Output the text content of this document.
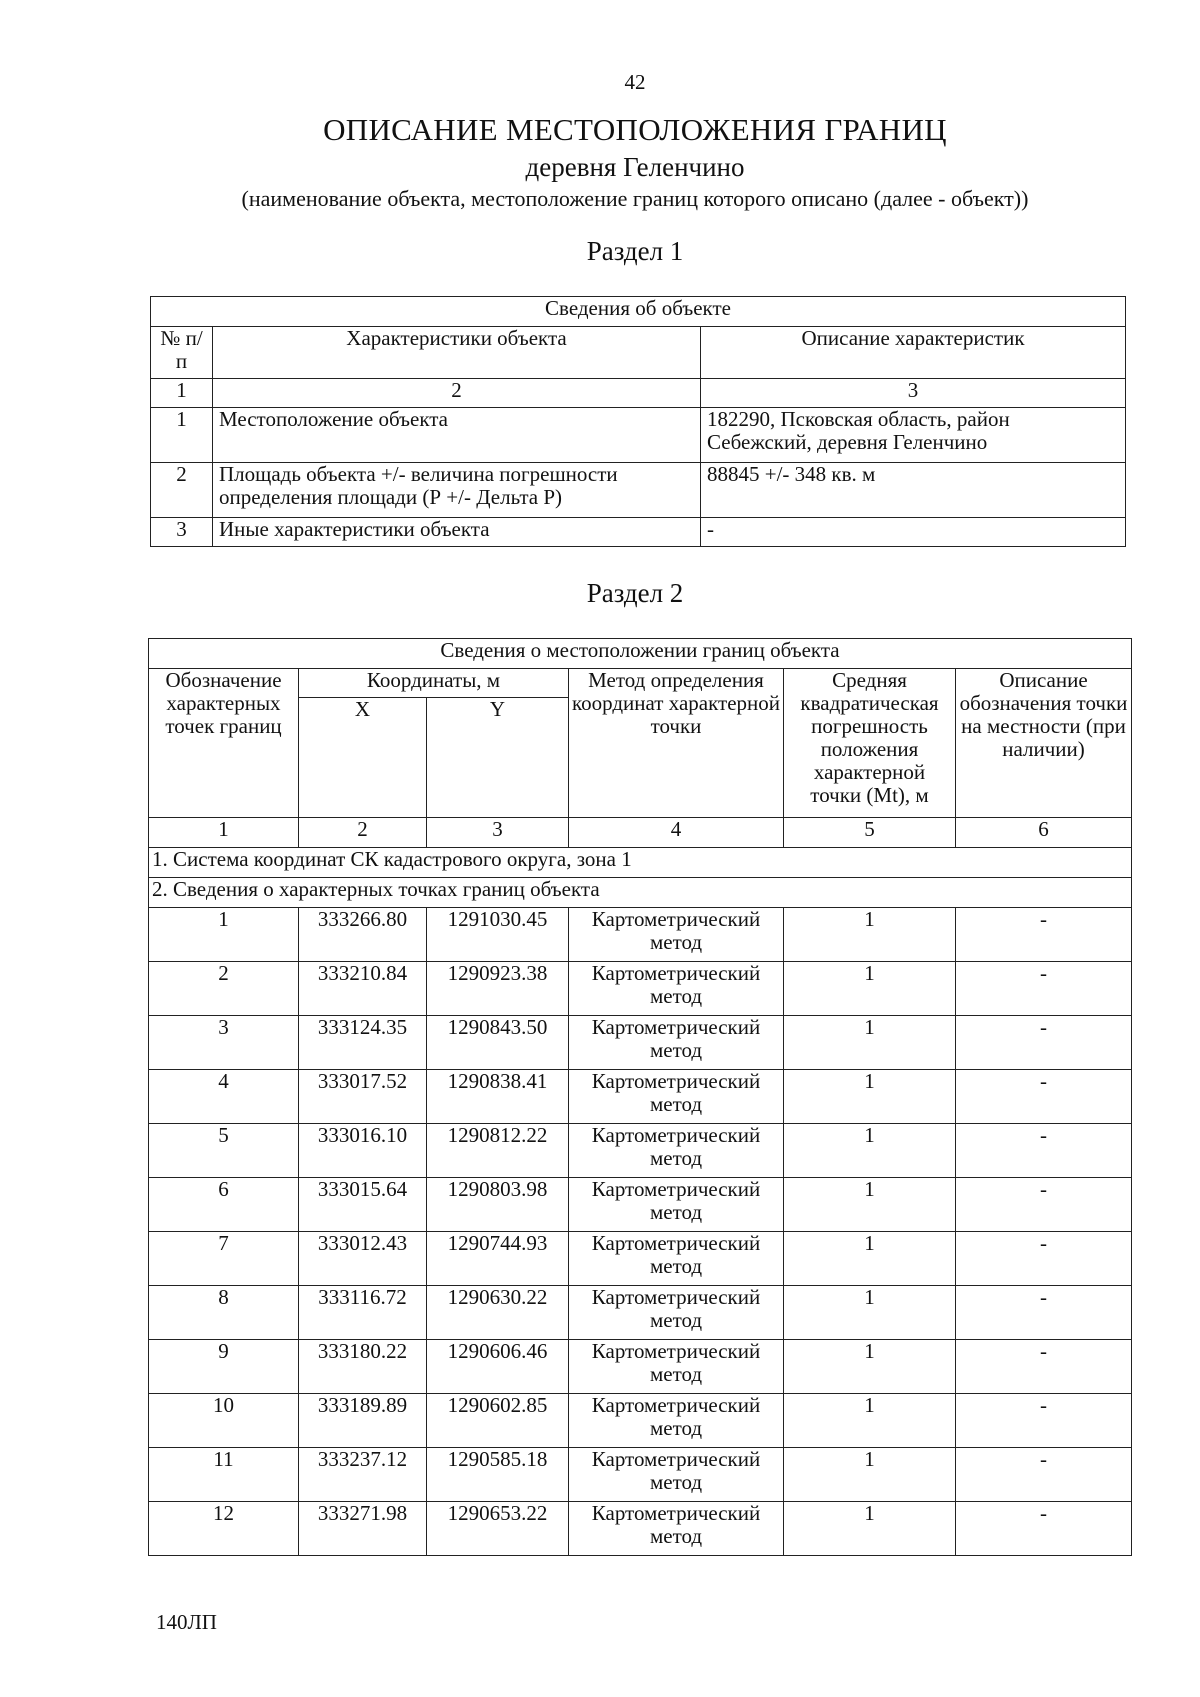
42
ОПИСАНИЕ МЕСТОПОЛОЖЕНИЯ ГРАНИЦ
деревня Геленчино
(наименование объекта, местоположение границ которого описано (далее - объект))
Раздел 1
Сведения об объекте		
№ п/п	Характеристики объекта	Описание характеристик
1	2	3
1	Местоположение объекта	182290, Псковская область, район Себежский, деревня Геленчино
2	Площадь объекта +/- величина погрешности определения площади (Р +/- Дельта Р)	88845 +/- 348 кв. м
3	Иные характеристики объекта	-
Раздел 2
Сведения о местоположении границ объекта					
Обозначение характерных точек границ	Координаты, м		Метод определения координат характерной точки	Средняя квадратическая погрешность положения характерной точки (Mt), м	Описание обозначения точки на местности (при наличии)
	X	Y			
1	2	3	4	5	6
1. Система координат СК кадастрового округа, зона 1					
2. Сведения о характерных точках границ объекта					
1	333266.80	1291030.45	Картометрический метод	1	-
2	333210.84	1290923.38	Картометрический метод	1	-
3	333124.35	1290843.50	Картометрический метод	1	-
4	333017.52	1290838.41	Картометрический метод	1	-
5	333016.10	1290812.22	Картометрический метод	1	-
6	333015.64	1290803.98	Картометрический метод	1	-
7	333012.43	1290744.93	Картометрический метод	1	-
8	333116.72	1290630.22	Картометрический метод	1	-
9	333180.22	1290606.46	Картометрический метод	1	-
10	333189.89	1290602.85	Картометрический метод	1	-
11	333237.12	1290585.18	Картометрический метод	1	-
12	333271.98	1290653.22	Картометрический метод	1	-
140ЛП
